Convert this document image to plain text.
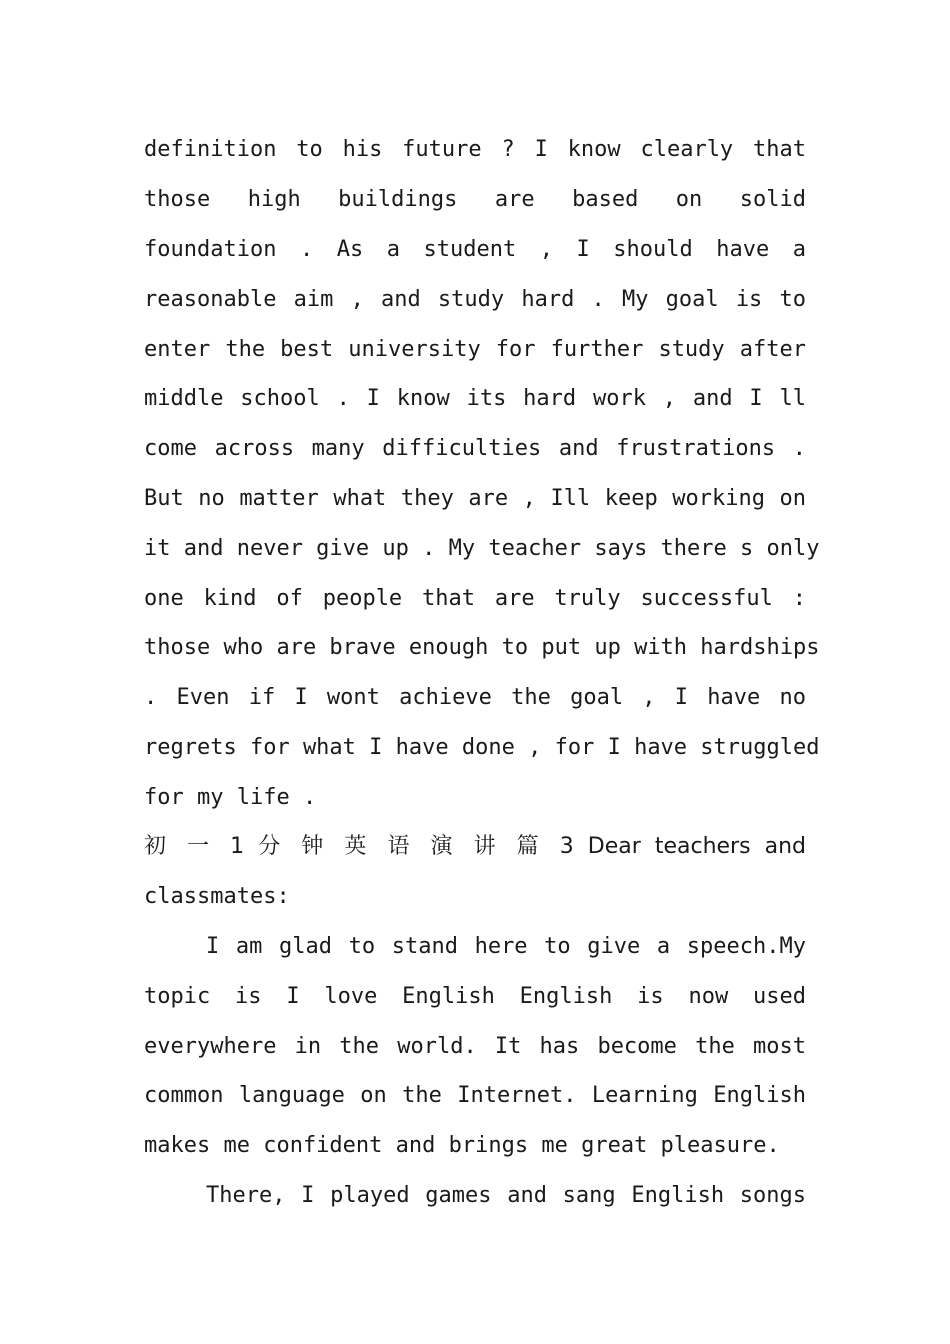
definition to his future ? I know clearly that
those high buildings are based on solid
foundation . As a student , I should have a
reasonable aim , and study hard . My goal is to
enter the best university for further study after
middle school . I know its hard work , and I ll
come across many difficulties and frustrations .
But no matter what they are , Ill keep working on
it and never give up . My teacher says there s only
one kind of people that are truly successful :
those who are brave enough to put up with hardships
. Even if I wont achieve the goal , I have no
regrets for what I have done , for I have struggled
for my life .
初 一 1 分 钟 英 语 演 讲 篇 3 Dear teachers and
classmates:
I am glad to stand here to give a speech.My
topic is I love English English is now used
everywhere in the world. It has become the most
common language on the Internet. Learning English
makes me confident and brings me great pleasure.
There, I played games and sang English songs
